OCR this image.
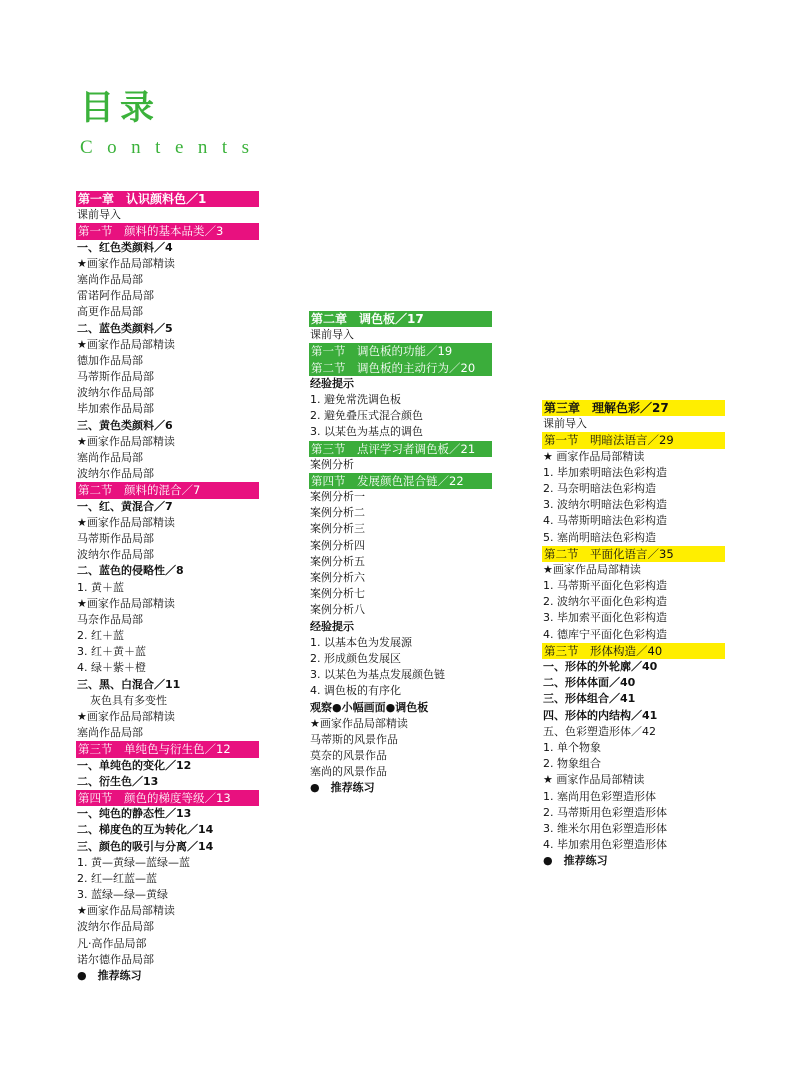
目录
Contents
第一章　认识颜料色／1
课前导入
第一节　颜料的基本品类／3
一、红色类颜料／4
★画家作品局部精读
塞尚作品局部
雷诺阿作品局部
高更作品局部
二、蓝色类颜料／5
★画家作品局部精读
德加作品局部
马蒂斯作品局部
波纳尔作品局部
毕加索作品局部
三、黄色类颜料／6
★画家作品局部精读
塞尚作品局部
波纳尔作品局部
第二节　颜料的混合／7
一、红、黄混合／7
★画家作品局部精读
马蒂斯作品局部
波纳尔作品局部
二、蓝色的侵略性／8
1. 黄＋蓝
★画家作品局部精读
马奈作品局部
2. 红＋蓝
3. 红＋黄＋蓝
4. 绿＋紫＋橙
三、黑、白混合／11
灰色具有多变性
★画家作品局部精读
塞尚作品局部
第三节　单纯色与衍生色／12
一、单纯色的变化／12
二、衍生色／13
第四节　颜色的梯度等级／13
一、纯色的静态性／13
二、梯度色的互为转化／14
三、颜色的吸引与分离／14
1. 黄—黄绿—蓝绿—蓝
2. 红—红蓝—蓝
3. 蓝绿—绿—黄绿
★画家作品局部精读
波纳尔作品局部
凡·高作品局部
诺尔德作品局部
●　推荐练习
第二章　调色板／17
课前导入
第一节　调色板的功能／19
第二节　调色板的主动行为／20
经验提示
1. 避免常洗调色板
2. 避免叠压式混合颜色
3. 以某色为基点的调色
第三节　点评学习者调色板／21
案例分析
第四节　发展颜色混合链／22
案例分析一
案例分析二
案例分析三
案例分析四
案例分析五
案例分析六
案例分析七
案例分析八
经验提示
1. 以基本色为发展源
2. 形成颜色发展区
3. 以某色为基点发展颜色链
4. 调色板的有序化
观察●小幅画面●调色板
★画家作品局部精读
马蒂斯的风景作品
莫奈的风景作品
塞尚的风景作品
●　推荐练习
第三章　理解色彩／27
课前导入
第一节　明暗法语言／29
★ 画家作品局部精读
1. 毕加索明暗法色彩构造
2. 马奈明暗法色彩构造
3. 波纳尔明暗法色彩构造
4. 马蒂斯明暗法色彩构造
5. 塞尚明暗法色彩构造
第二节　平面化语言／35
★画家作品局部精读
1. 马蒂斯平面化色彩构造
2. 波纳尔平面化色彩构造
3. 毕加索平面化色彩构造
4. 德库宁平面化色彩构造
第三节　形体构造／40
一、形体的外轮廓／40
二、形体体面／40
三、形体组合／41
四、形体的内结构／41
五、色彩塑造形体／42
1. 单个物象
2. 物象组合
★ 画家作品局部精读
1. 塞尚用色彩塑造形体
2. 马蒂斯用色彩塑造形体
3. 维米尔用色彩塑造形体
4. 毕加索用色彩塑造形体
●　推荐练习
